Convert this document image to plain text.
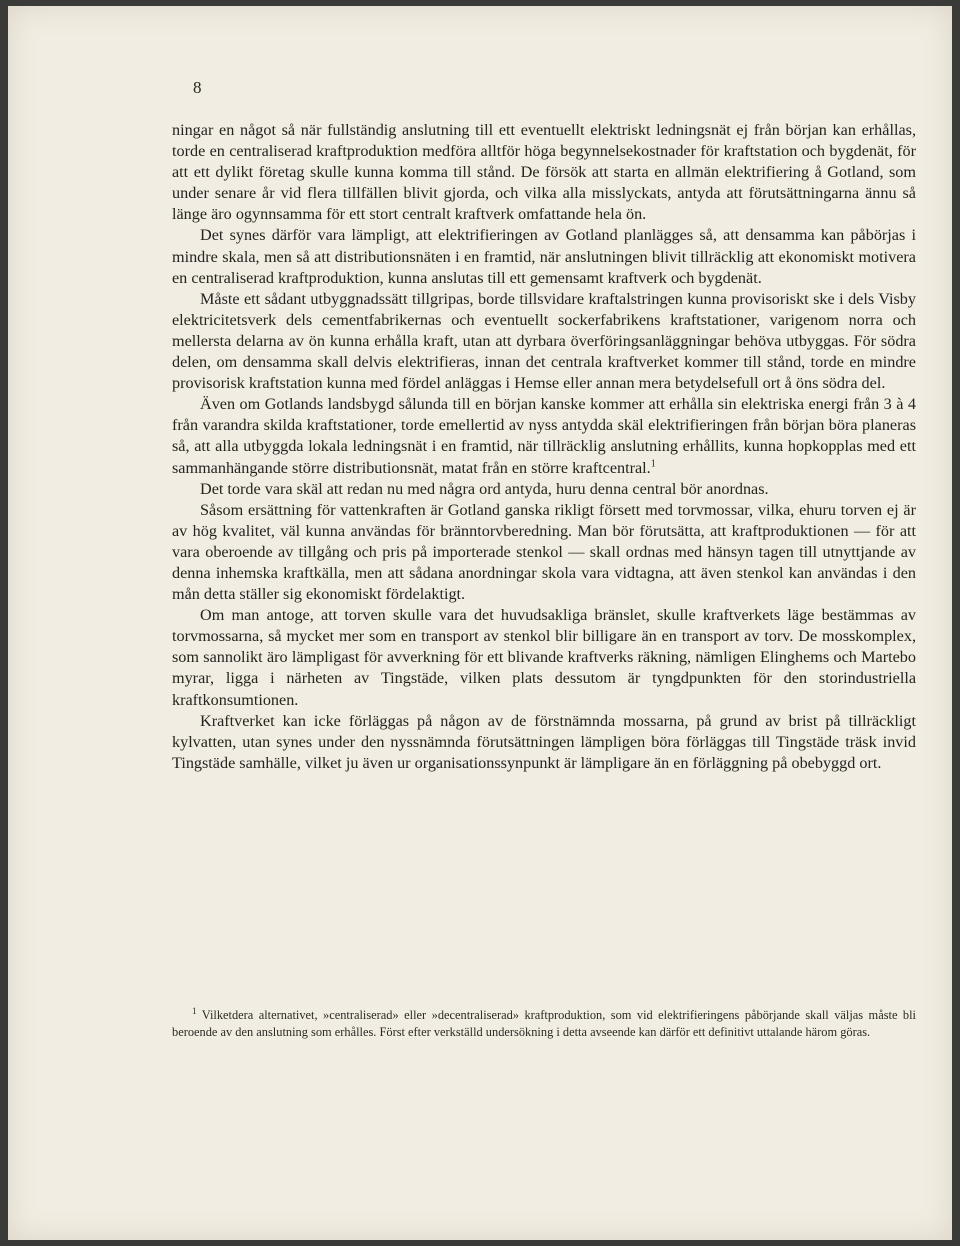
8

ningar en något så när fullständig anslutning till ett eventuellt elektriskt ledningsnät ej från början kan erhållas, torde en centraliserad kraftproduktion medföra alltför höga begynnelsekostnader för kraftstation och bygdenät, för att ett dylikt företag skulle kunna komma till stånd. De försök att starta en allmän elektrifiering å Gotland, som under senare år vid flera tillfällen blivit gjorda, och vilka alla misslyckats, antyda att förutsättningarna ännu så länge äro ogynnsamma för ett stort centralt kraftverk omfattande hela ön.

Det synes därför vara lämpligt, att elektrifieringen av Gotland planlägges så, att densamma kan påbörjas i mindre skala, men så att distributionsnäten i en framtid, när anslutningen blivit tillräcklig att ekonomiskt motivera en centraliserad kraftproduktion, kunna anslutas till ett gemensamt kraftverk och bygdenät.

Måste ett sådant utbyggnadssätt tillgripas, borde tillsvidare kraftalstringen kunna provisoriskt ske i dels Visby elektricitetsverk dels cementfabrikernas och eventuellt sockerfabrikens kraftstationer, varigenom norra och mellersta delarna av ön kunna erhålla kraft, utan att dyrbara överföringsanläggningar behöva utbyggas. För södra delen, om densamma skall delvis elektrifieras, innan det centrala kraftverket kommer till stånd, torde en mindre provisorisk kraftstation kunna med fördel anläggas i Hemse eller annan mera betydelsefull ort å öns södra del.

Även om Gotlands landsbygd sålunda till en början kanske kommer att erhålla sin elektriska energi från 3 à 4 från varandra skilda kraftstationer, torde emellertid av nyss antydda skäl elektrifieringen från början böra planeras så, att alla utbyggda lokala ledningsnät i en framtid, när tillräcklig anslutning erhållits, kunna hopkopplas med ett sammanhängande större distributionsnät, matat från en större kraftcentral.$^1$

Det torde vara skäl att redan nu med några ord antyda, huru denna central bör anordnas.

Såsom ersättning för vattenkraften är Gotland ganska rikligt försett med torvmossar, vilka, ehuru torven ej är av hög kvalitet, väl kunna användas för bränntorvberedning. Man bör förutsätta, att kraftproduktionen — för att vara oberoende av tillgång och pris på importerade stenkol — skall ordnas med hänsyn tagen till utnyttjande av denna inhemska kraftkälla, men att sådana anordningar skola vara vidtagna, att även stenkol kan användas i den mån detta ställer sig ekonomiskt fördelaktigt.

Om man antoge, att torven skulle vara det huvudsakliga bränslet, skulle kraftverkets läge bestämmas av torvmossarna, så mycket mer som en transport av stenkol blir billigare än en transport av torv. De mosskomplex, som sannolikt äro lämpligast för avverkning för ett blivande kraftverks räkning, nämligen Elinghems och Martebo myrar, ligga i närheten av Tingstäde, vilken plats dessutom är tyngdpunkten för den storindustriella kraftkonsumtionen.

Kraftverket kan icke förläggas på någon av de förstnämnda mossarna, på grund av brist på tillräckligt kylvatten, utan synes under den nyssnämnda förutsättningen lämpligen böra förläggas till Tingstäde träsk invid Tingstäde samhälle, vilket ju även ur organisationssynpunkt är lämpligare än en förläggning på obebyggd ort.

$^1$ Vilketdera alternativet, »centraliserad» eller »decentraliserad» kraftproduktion, som vid elektrifieringens påbörjande skall väljas måste bli beroende av den anslutning som erhålles. Först efter verkställd undersökning i detta avseende kan därför ett definitivt uttalande härom göras.
